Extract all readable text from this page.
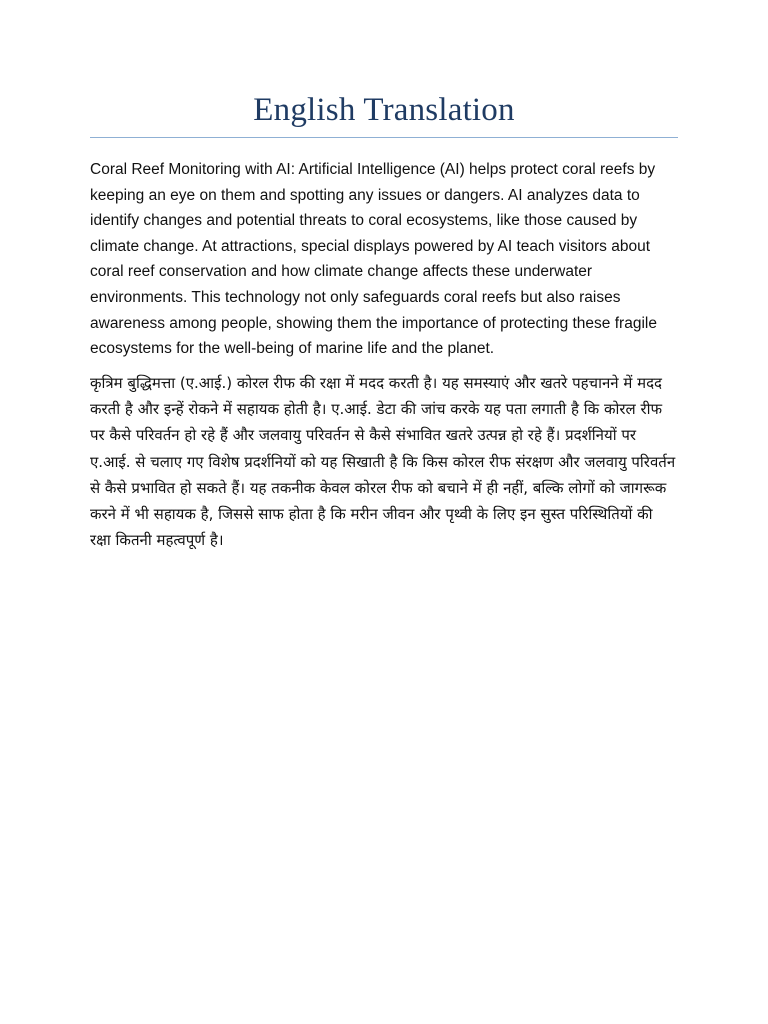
English Translation

Coral Reef Monitoring with AI: Artificial Intelligence (AI) helps protect coral reefs by keeping an eye on them and spotting any issues or dangers. AI analyzes data to identify changes and potential threats to coral ecosystems, like those caused by climate change. At attractions, special displays powered by AI teach visitors about coral reef conservation and how climate change affects these underwater environments. This technology not only safeguards coral reefs but also raises awareness among people, showing them the importance of protecting these fragile ecosystems for the well-being of marine life and the planet.

कृत्रिम बुद्धिमत्ता (ए.आई.) कोरल रीफ की रक्षा में मदद करती है। यह समस्याएं और खतरे पहचानने में मदद करती है और इन्हें रोकने में सहायक होती है। ए.आई. डेटा की जांच करके यह पता लगाती है कि कोरल रीफ पर कैसे परिवर्तन हो रहे हैं और जलवायु परिवर्तन से कैसे संभावित खतरे उत्पन्न हो रहे हैं। प्रदर्शनियों पर ए.आई. से चलाए गए विशेष प्रदर्शनियों को यह सिखाती है कि किस कोरल रीफ संरक्षण और जलवायु परिवर्तन से कैसे प्रभावित हो सकते हैं। यह तकनीक केवल कोरल रीफ को बचाने में ही नहीं, बल्कि लोगों को जागरूक करने में भी सहायक है, जिससे साफ होता है कि मरीन जीवन और पृथ्वी के लिए इन सुस्त परिस्थितियों की रक्षा कितनी महत्वपूर्ण है।
